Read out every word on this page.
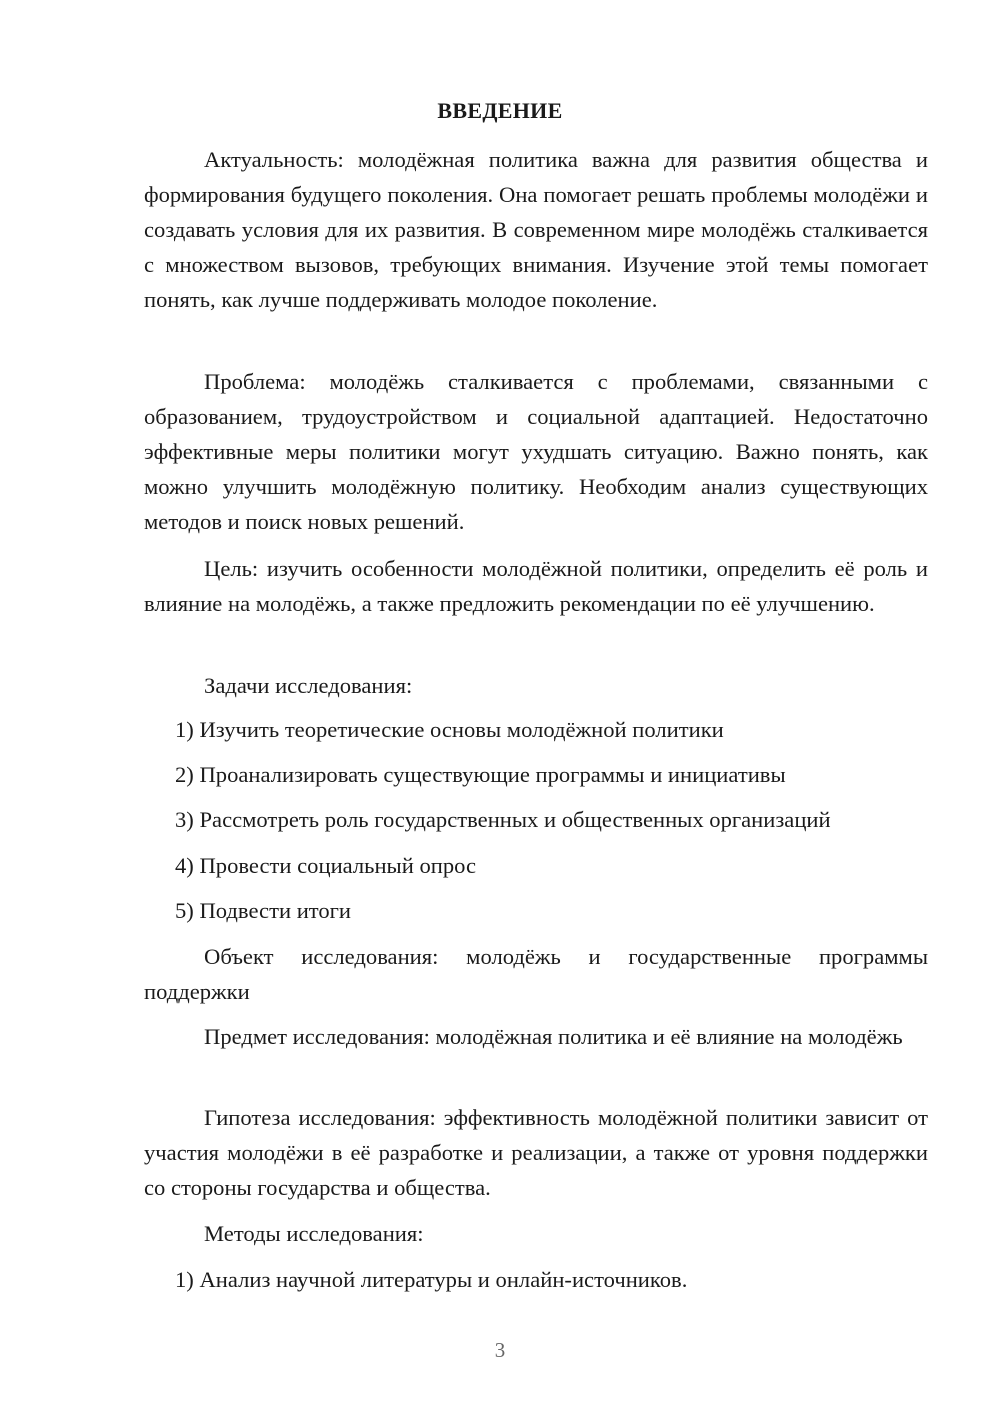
ВВЕДЕНИЕ

Актуальность: молодёжная политика важна для развития общества и формирования будущего поколения. Она помогает решать проблемы молодёжи и создавать условия для их развития. В современном мире молодёжь сталкивается с множеством вызовов, требующих внимания. Изучение этой темы помогает понять, как лучше поддерживать молодое поколение.

Проблема: молодёжь сталкивается с проблемами, связанными с образованием, трудоустройством и социальной адаптацией. Недостаточно эффективные меры политики могут ухудшать ситуацию. Важно понять, как можно улучшить молодёжную политику. Необходим анализ существующих методов и поиск новых решений.

Цель: изучить особенности молодёжной политики, определить её роль и влияние на молодёжь, а также предложить рекомендации по её улучшению.

Задачи исследования:

1) Изучить теоретические основы молодёжной политики

2) Проанализировать существующие программы и инициативы

3) Рассмотреть роль государственных и общественных организаций

4) Провести социальный опрос

5) Подвести итоги

Объект исследования: молодёжь и государственные программы поддержки

Предмет исследования: молодёжная политика и её влияние на молодёжь

Гипотеза исследования: эффективность молодёжной политики зависит от участия молодёжи в её разработке и реализации, а также от уровня поддержки со стороны государства и общества.

Методы исследования:

1) Анализ научной литературы и онлайн-источников.

3
